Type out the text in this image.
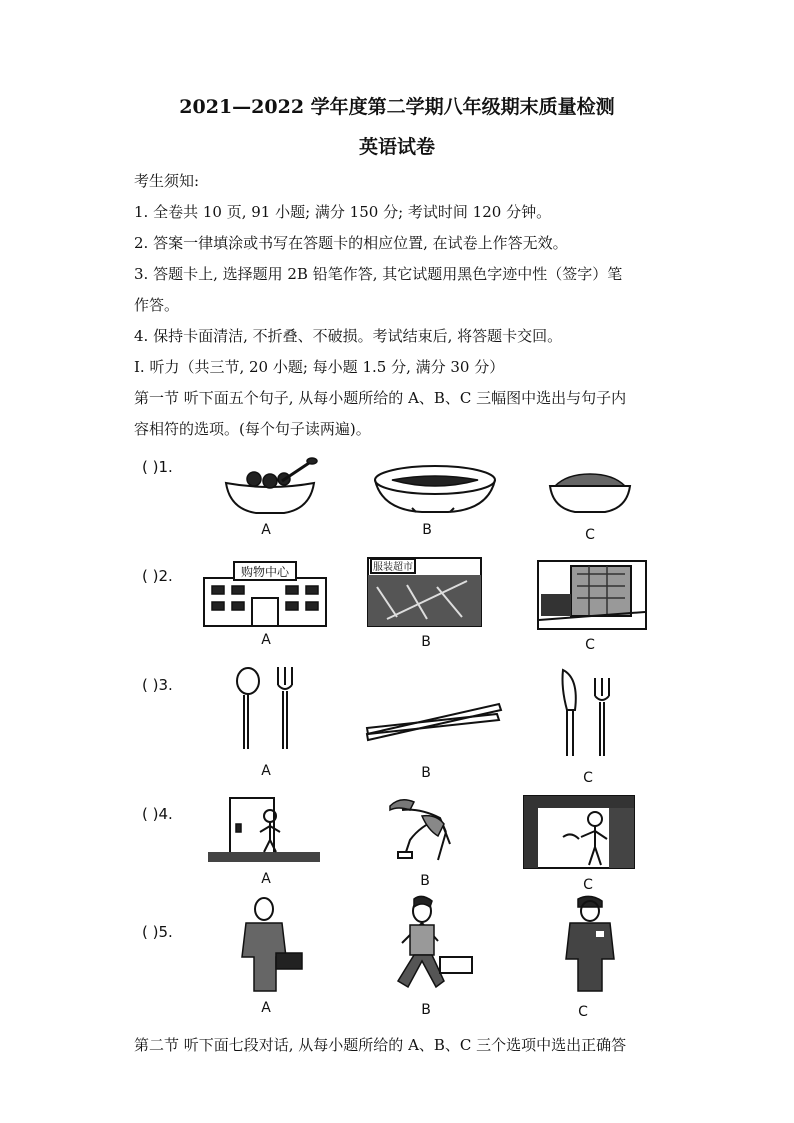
2021—2022 学年度第二学期八年级期末质量检测
英语试卷
考生须知:
1. 全卷共 10 页, 91 小题; 满分 150 分; 考试时间 120 分钟。
2. 答案一律填涂或书写在答题卡的相应位置, 在试卷上作答无效。
3. 答题卡上, 选择题用 2B 铅笔作答, 其它试题用黑色字迹中性（签字）笔
作答。
4. 保持卡面清洁, 不折叠、不破损。考试结束后, 将答题卡交回。
I. 听力（共三节, 20 小题; 每小题 1.5 分, 满分 30 分）
第一节 听下面五个句子, 从每小题所给的 A、B、C 三幅图中选出与句子内
容相符的选项。(每个句子读两遍)。
( )1.
A	B	C
( )2.	购物中心	服装超市
A	B	C
( )3.
A	B	C
( )4.
A	B	C
( )5.
A	B	C
第二节 听下面七段对话, 从每小题所给的 A、B、C 三个选项中选出正确答
